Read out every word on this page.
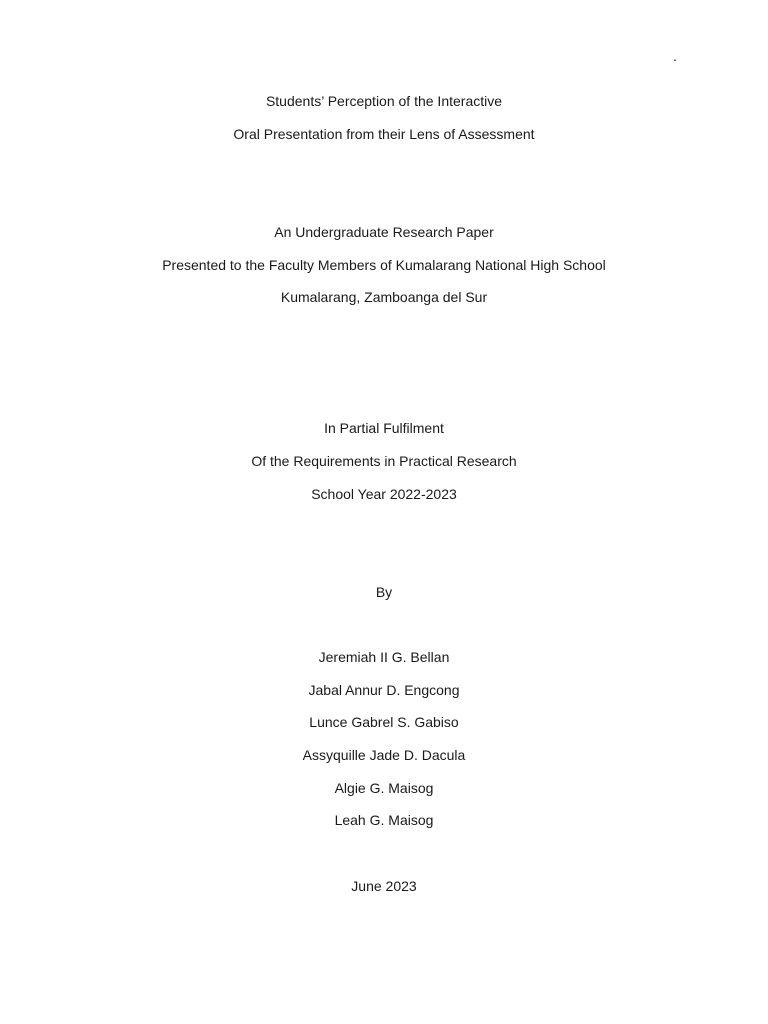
.
Students’ Perception of the Interactive
Oral Presentation from their Lens of Assessment
An Undergraduate Research Paper
Presented to the Faculty Members of Kumalarang National High School
Kumalarang, Zamboanga del Sur
In Partial Fulfilment
Of the Requirements in Practical Research
School Year 2022-2023
By
Jeremiah II G. Bellan
Jabal Annur D. Engcong
Lunce Gabrel S. Gabiso
Assyquille Jade D. Dacula
Algie G. Maisog
Leah G. Maisog
June 2023
